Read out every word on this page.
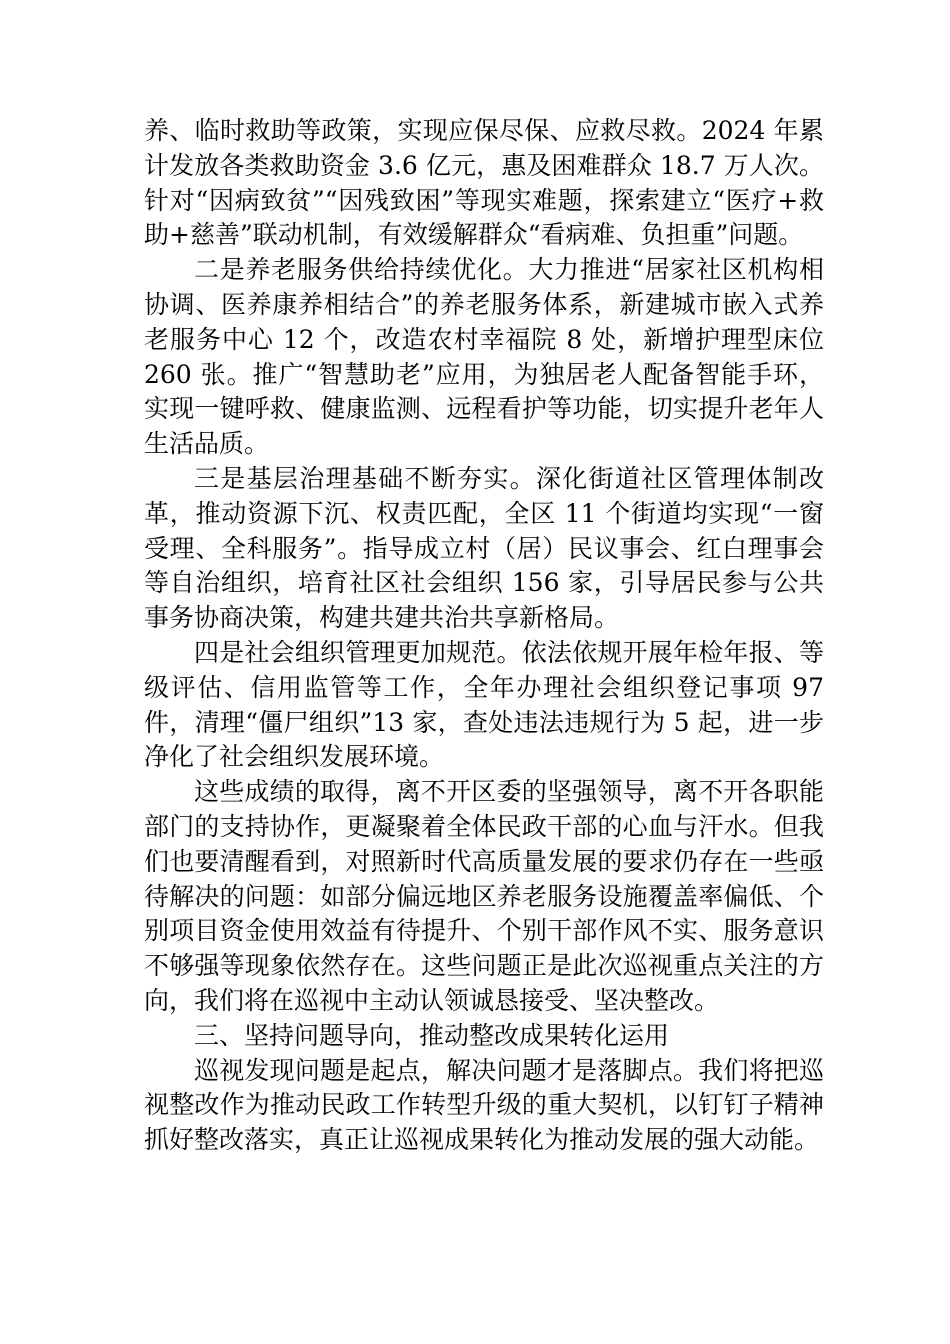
养、临时救助等政策，实现应保尽保、应救尽救。2024 年累计发放各类救助资金 3.6 亿元，惠及困难群众 18.7 万人次。针对“因病致贫”“因残致困”等现实难题，探索建立“医疗+救助+慈善”联动机制，有效缓解群众“看病难、负担重”问题。

二是养老服务供给持续优化。大力推进“居家社区机构相协调、医养康养相结合”的养老服务体系，新建城市嵌入式养老服务中心 12 个，改造农村幸福院 8 处，新增护理型床位 260 张。推广“智慧助老”应用，为独居老人配备智能手环，实现一键呼救、健康监测、远程看护等功能，切实提升老年人生活品质。

三是基层治理基础不断夯实。深化街道社区管理体制改革，推动资源下沉、权责匹配，全区 11 个街道均实现“一窗受理、全科服务”。指导成立村（居）民议事会、红白理事会等自治组织，培育社区社会组织 156 家，引导居民参与公共事务协商决策，构建共建共治共享新格局。

四是社会组织管理更加规范。依法依规开展年检年报、等级评估、信用监管等工作，全年办理社会组织登记事项 97 件，清理“僵尸组织”13 家，查处违法违规行为 5 起，进一步净化了社会组织发展环境。

这些成绩的取得，离不开区委的坚强领导，离不开各职能部门的支持协作，更凝聚着全体民政干部的心血与汗水。但我们也要清醒看到，对照新时代高质量发展的要求仍存在一些亟待解决的问题：如部分偏远地区养老服务设施覆盖率偏低、个别项目资金使用效益有待提升、个别干部作风不实、服务意识不够强等现象依然存在。这些问题正是此次巡视重点关注的方向，我们将在巡视中主动认领诚恳接受、坚决整改。

三、坚持问题导向，推动整改成果转化运用

巡视发现问题是起点，解决问题才是落脚点。我们将把巡视整改作为推动民政工作转型升级的重大契机，以钉钉子精神抓好整改落实，真正让巡视成果转化为推动发展的强大动能。
